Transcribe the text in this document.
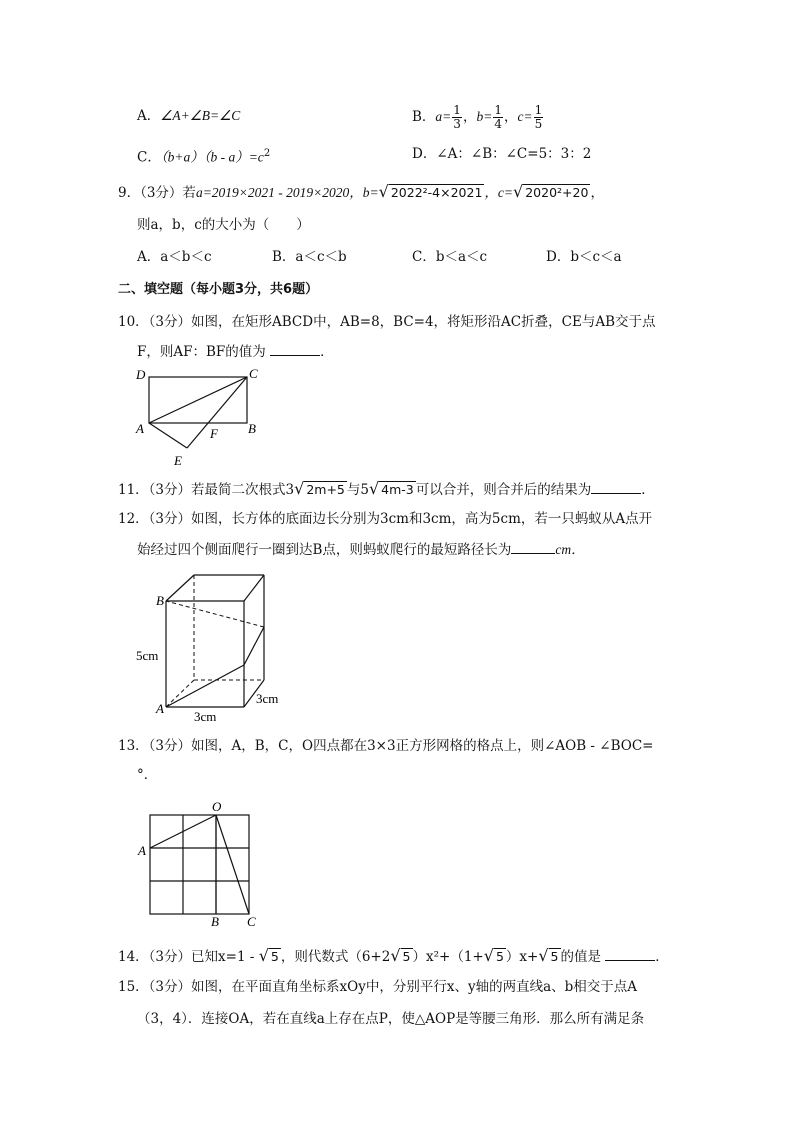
A．∠A+∠B=∠C	B．$a= \frac{1}{3}$ ，$b= \frac{1}{4}$ ，$c= \frac{1}{5}$
C．$(b+a)(b - a)=c^2$	D．∠A：∠B：∠C=5：3：2
9．（3分）若a=2019×2021 - 2019×2020，b=√ 2022²-4×2021 ，c=√ 2020²+20 ，
则a，b，c的大小为（　　）
A．a＜b＜c	B．a＜c＜b	C．b＜a＜c	D．b＜c＜a
二、填空题（每小题3分，共6题）
10．（3分）如图，在矩形ABCD中，AB=8，BC=4，将矩形沿AC折叠，CE与AB交于点
F，则AF：BF的值为	．
D	C
A	B
F
E
11．（3分）若最简二次根式3√ 2m+5 与5√ 4m-3 可以合并，则合并后的结果为	．
12．（3分）如图，长方体的底面边长分别为3cm和3cm，高为5cm，若一只蚂蚁从A点开
始经过四个侧面爬行一圈到达B点，则蚂蚁爬行的最短路径长为	cm．
B
A
5cm
3cm
3cm
13．（3分）如图，A，B，C，O四点都在3×3正方形网格的格点上，则∠AOB - ∠BOC=
°．
O
A
B C
14．（3分）已知x=1 - √ 5 ，则代数式（6+2√ 5 ）x²+（1+√ 5 ）x+√ 5 的值是	．
15．（3分）如图，在平面直角坐标系xOy中，分别平行x、y轴的两直线a、b相交于点A
（3，4）．连接OA，若在直线a上存在点P，使△AOP是等腰三角形．那么所有满足条
